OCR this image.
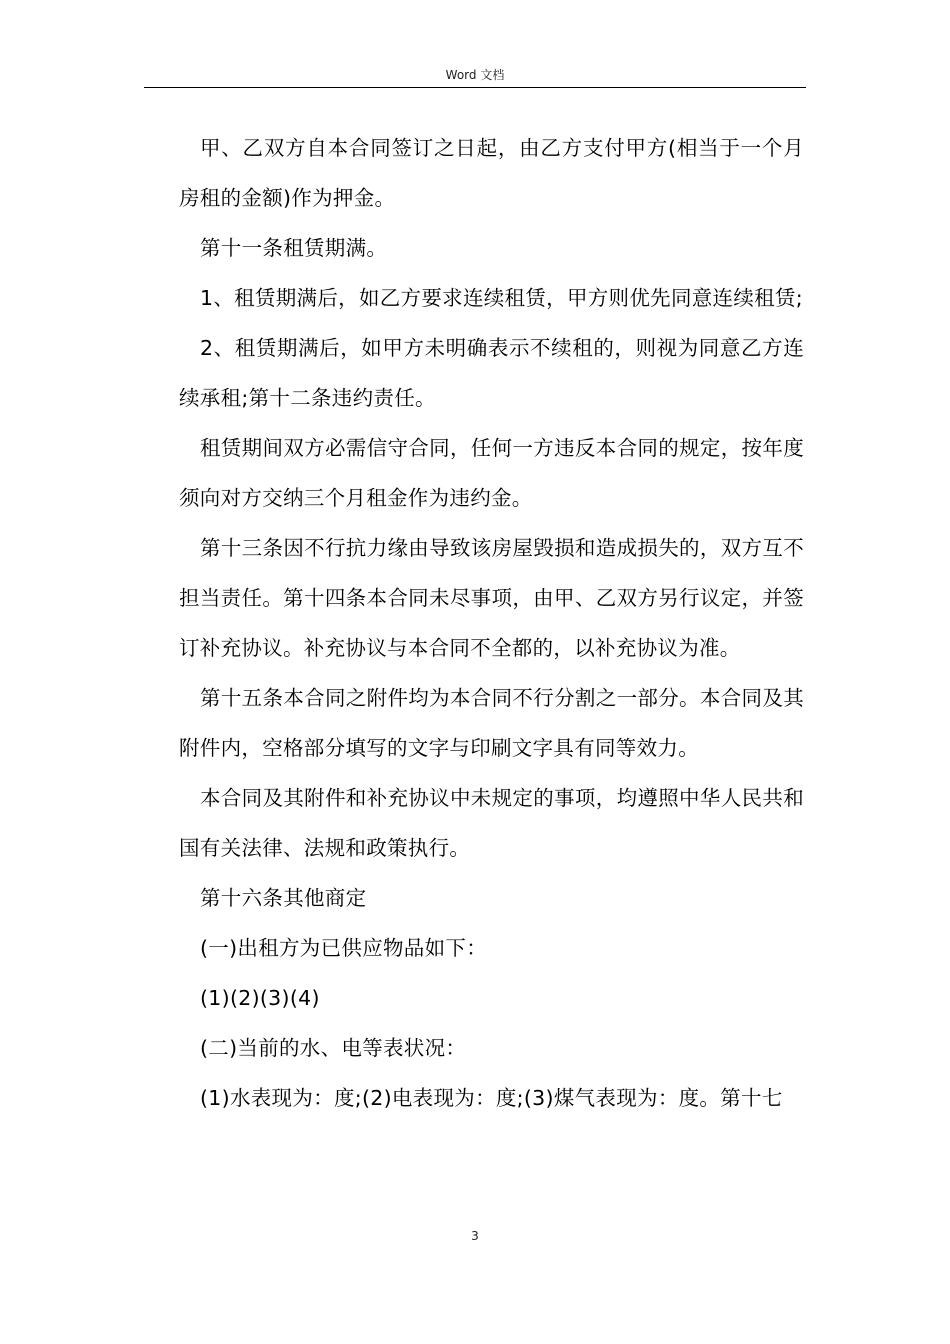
Word 文档

甲、乙双方自本合同签订之日起，由乙方支付甲方(相当于一个月房租的金额)作为押金。

第十一条租赁期满。

1、租赁期满后，如乙方要求连续租赁，甲方则优先同意连续租赁;

2、租赁期满后，如甲方未明确表示不续租的，则视为同意乙方连续承租;第十二条违约责任。

租赁期间双方必需信守合同，任何一方违反本合同的规定，按年度须向对方交纳三个月租金作为违约金。

第十三条因不行抗力缘由导致该房屋毁损和造成损失的，双方互不担当责任。第十四条本合同未尽事项，由甲、乙双方另行议定，并签订补充协议。补充协议与本合同不全都的，以补充协议为准。

第十五条本合同之附件均为本合同不行分割之一部分。本合同及其附件内，空格部分填写的文字与印刷文字具有同等效力。

本合同及其附件和补充协议中未规定的事项，均遵照中华人民共和国有关法律、法规和政策执行。

第十六条其他商定

(一)出租方为已供应物品如下：

(1)(2)(3)(4)

(二)当前的水、电等表状况：

(1)水表现为：度;(2)电表现为：度;(3)煤气表现为：度。第十七

3
